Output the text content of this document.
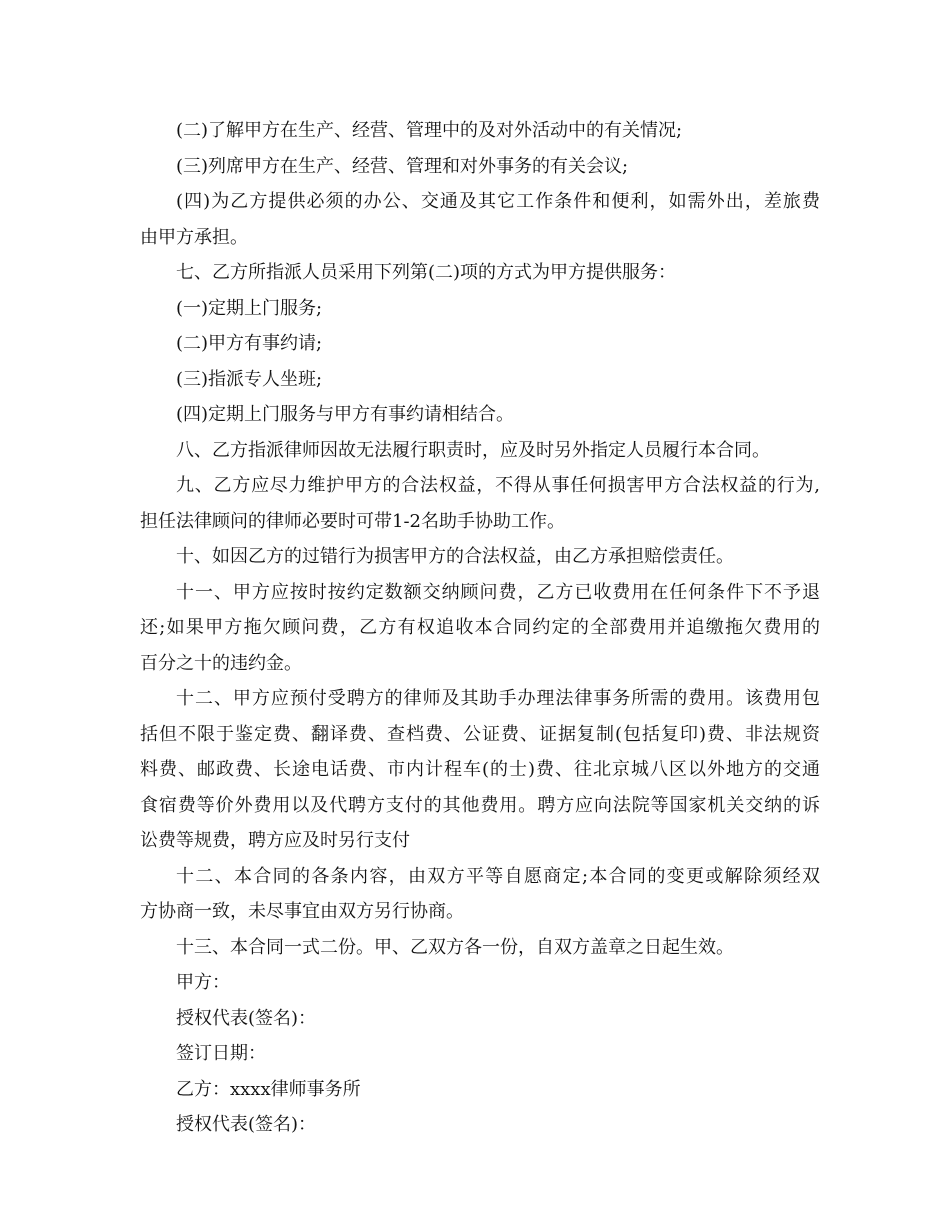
(二)了解甲方在生产、经营、管理中的及对外活动中的有关情况;
(三)列席甲方在生产、经营、管理和对外事务的有关会议;
(四)为乙方提供必须的办公、交通及其它工作条件和便利，如需外出，差旅费
由甲方承担。
七、乙方所指派人员采用下列第(二)项的方式为甲方提供服务：
(一)定期上门服务;
(二)甲方有事约请;
(三)指派专人坐班;
(四)定期上门服务与甲方有事约请相结合。
八、乙方指派律师因故无法履行职责时，应及时另外指定人员履行本合同。
九、乙方应尽力维护甲方的合法权益，不得从事任何损害甲方合法权益的行为,
担任法律顾问的律师必要时可带1-2名助手协助工作。
十、如因乙方的过错行为损害甲方的合法权益，由乙方承担赔偿责任。
十一、甲方应按时按约定数额交纳顾问费，乙方已收费用在任何条件下不予退
还;如果甲方拖欠顾问费，乙方有权追收本合同约定的全部费用并追缴拖欠费用的
百分之十的违约金。
十二、甲方应预付受聘方的律师及其助手办理法律事务所需的费用。该费用包
括但不限于鉴定费、翻译费、查档费、公证费、证据复制(包括复印)费、非法规资
料费、邮政费、长途电话费、市内计程车(的士)费、往北京城八区以外地方的交通
食宿费等价外费用以及代聘方支付的其他费用。聘方应向法院等国家机关交纳的诉
讼费等规费，聘方应及时另行支付
十二、本合同的各条内容，由双方平等自愿商定;本合同的变更或解除须经双
方协商一致，未尽事宜由双方另行协商。
十三、本合同一式二份。甲、乙双方各一份，自双方盖章之日起生效。
甲方：
授权代表(签名)：
签订日期：
乙方：xxxx律师事务所
授权代表(签名)：
